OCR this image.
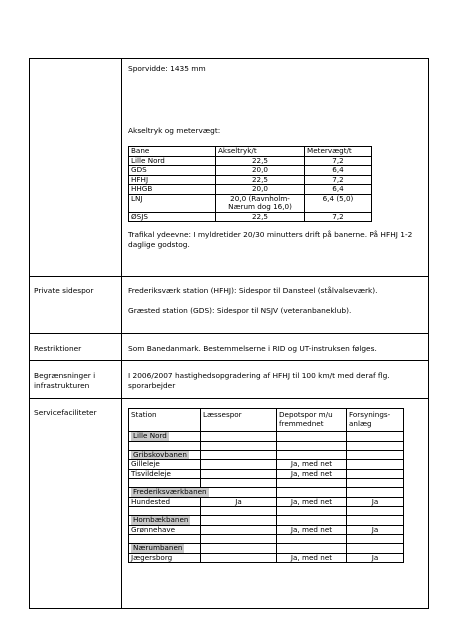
Sporvidde: 1435 mm
Akseltryk og metervægt:
Bane	Akseltryk/t	Metervægt/t
Lille Nord	22,5	7,2
GDS	20,0	6,4
HFHJ	22,5	7,2
HHGB	20,0	6,4
LNJ	20,0 (Ravnholm-Nærum dog 16,0)	6,4 (5,0)
ØSJS	22,5	7,2
Trafikal ydeevne: I myldretider 20/30 minutters drift på banerne. På HFHJ 1-2 daglige godstog.

Private sidespor	Frederiksværk station (HFHJ): Sidespor til Dansteel (stålvalseværk).
Græsted station (GDS): Sidespor til NSJV (veteranbaneklub).

Restriktioner	Som Banedanmark. Bestemmelserne i RID og UT-instruksen følges.
Begrænsninger i infrastrukturen	I 2006/2007 hastighedsopgradering af HFHJ til 100 km/t med deraf flg. sporarbejder
Servicefaciliteter		Station	Læssespor	Depotspor m/u fremmednet	Forsynings-anlæg
Lille Nord			

Gribskovbanen			
Gilleleje		Ja, med net	
Tisvildeleje		Ja, med net	

Frederiksværkbanen		
Hundested	Ja	Ja, med net	Ja

Hornbækbanen			
Grønnehave		Ja, med net	Ja

Nærumbanen			
Jægersborg		Ja, med net	Ja
